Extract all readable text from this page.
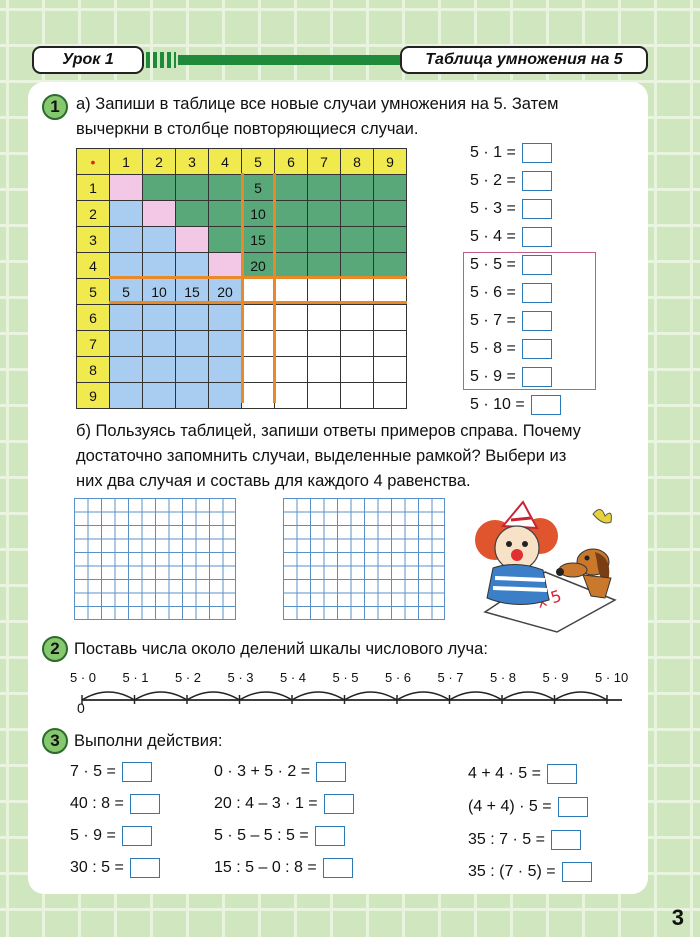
Урок 1	Таблица умножения на 5
1 а) Запиши в таблице все новые случаи умножения на 5. Затем
вычеркни в столбце повторяющиеся случаи.
•	1	2	3	4	5	6	7	8	9
1					5				
2					10				
3					15				
4					20				
5	5	10	15	20					
6									
7									
8									
9									
5 · 1 =
5 · 2 =
5 · 3 =
5 · 4 =
5 · 5 =
5 · 6 =
5 · 7 =
5 · 8 =
5 · 9 =
5 · 10 =
б) Пользуясь таблицей, запиши ответы примеров справа. Почему
достаточно запомнить случаи, выделенные рамкой? Выбери из
них два случая и составь для каждого 4 равенства.
2 Поставь числа около делений шкалы числового луча:
5 · 0 5 · 1 5 · 2 5 · 3 5 · 4 5 · 5 5 · 6 5 · 7 5 · 8 5 · 9 5 · 10
0
3 Выполни действия:
7 · 5 =
40 : 8 =
5 · 9 =
30 : 5 =
0 · 3 + 5 · 2 =
20 : 4 – 3 · 1 =
5 · 5 – 5 : 5 =
15 : 5 – 0 : 8 =
4 + 4 · 5 =
(4 + 4) · 5 =
35 : 7 · 5 =
35 : (7 · 5) =
3
